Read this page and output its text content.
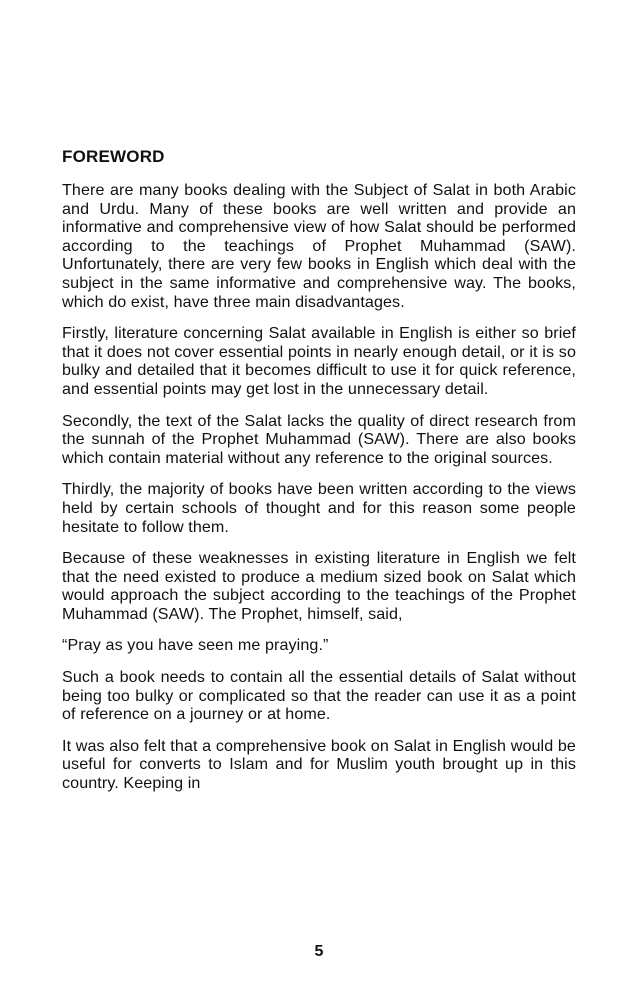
FOREWORD

There are many books dealing with the Subject of Salat in both Arabic and Urdu. Many of these books are well written and provide an informative and comprehensive view of how Salat should be performed according to the teachings of Prophet Muhammad (SAW). Unfortunately, there are very few books in English which deal with the subject in the same informative and comprehensive way. The books, which do exist, have three main disadvantages.

Firstly, literature concerning Salat available in English is either so brief that it does not cover essential points in nearly enough detail, or it is so bulky and detailed that it becomes difficult to use it for quick reference, and essential points may get lost in the unnecessary detail.

Secondly, the text of the Salat lacks the quality of direct research from the sunnah of the Prophet Muhammad (SAW). There are also books which contain material without any reference to the original sources.

Thirdly, the majority of books have been written according to the views held by certain schools of thought and for this reason some people hesitate to follow them.

Because of these weaknesses in existing literature in English we felt that the need existed to produce a medium sized book on Salat which would approach the subject according to the teachings of the Prophet Muhammad (SAW). The Prophet, himself, said,

“Pray as you have seen me praying.”

Such a book needs to contain all the essential details of Salat without being too bulky or complicated so that the reader can use it as a point of reference on a journey or at home.

It was also felt that a comprehensive book on Salat in English would be useful for converts to Islam and for Muslim youth brought up in this country. Keeping in

5
